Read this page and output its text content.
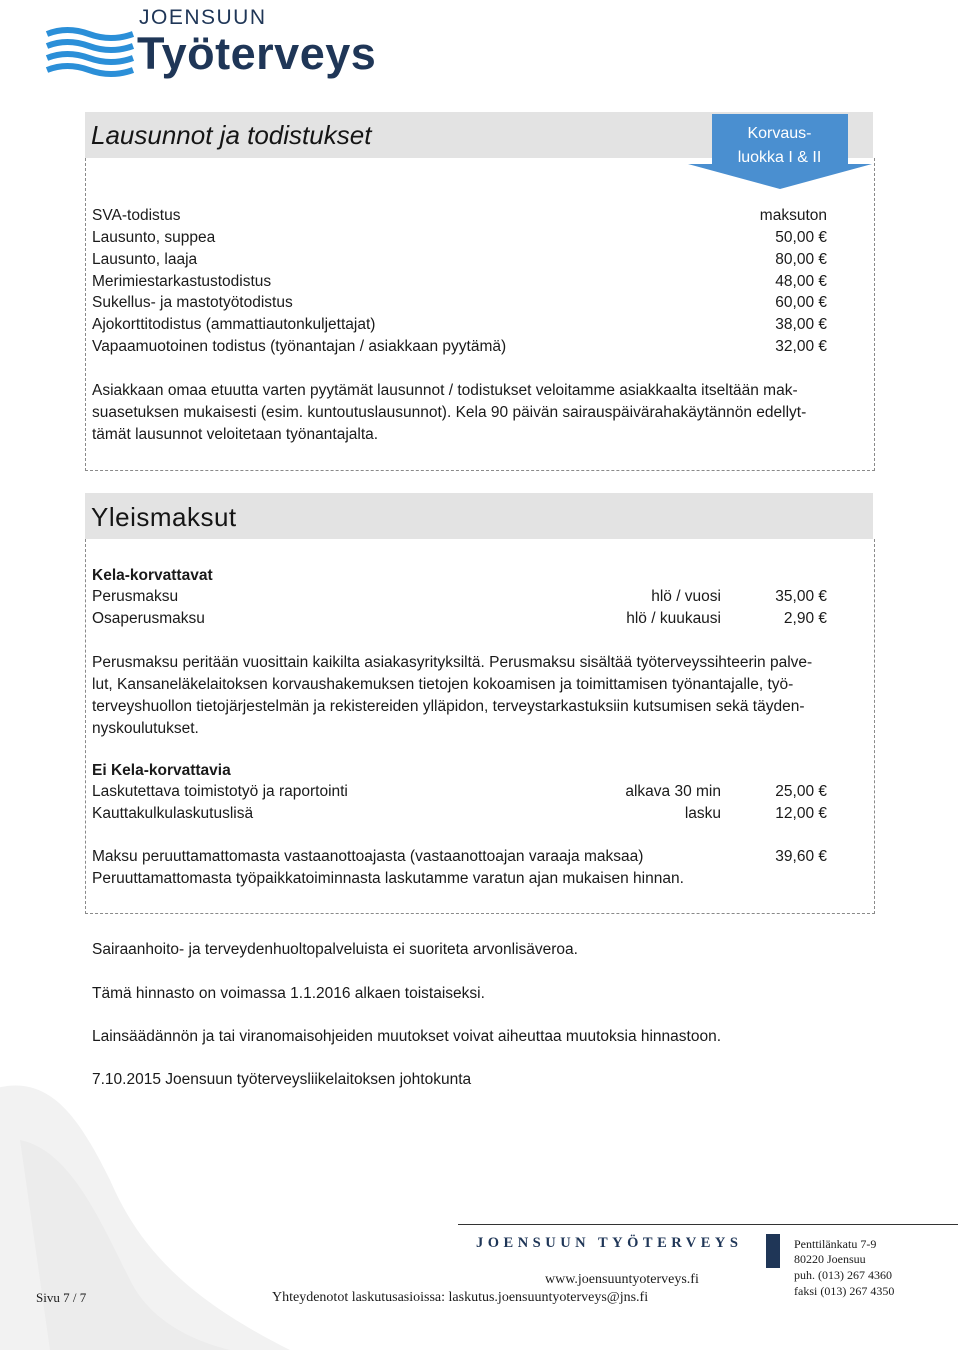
JOENSUUN
Työterveys
Lausunnot ja todistukset	Korvaus-
luokka I & II
SVA-todistus	maksuton
Lausunto, suppea	50,00 €
Lausunto, laaja	80,00 €
Merimiestarkastustodistus	48,00 €
Sukellus- ja mastotyötodistus	60,00 €
Ajokorttitodistus (ammattiautonkuljettajat)	38,00 €
Vapaamuotoinen todistus (työnantajan / asiakkaan pyytämä)	32,00 €
Asiakkaan omaa etuutta varten pyytämät lausunnot / todistukset veloitamme asiakkaalta itseltään mak-
suasetuksen mukaisesti (esim. kuntoutuslausunnot). Kela 90 päivän sairauspäivärahakäytännön edellyt-
tämät lausunnot veloitetaan työnantajalta.
Yleismaksut
Kela-korvattavat
Perusmaksu	hlö / vuosi	35,00 €
Osaperusmaksu	hlö / kuukausi	2,90 €
Perusmaksu peritään vuosittain kaikilta asiakasyrityksiltä. Perusmaksu sisältää työterveyssihteerin palve-
lut, Kansaneläkelaitoksen korvaushakemuksen tietojen kokoamisen ja toimittamisen työnantajalle, työ-
terveyshuollon tietojärjestelmän ja rekistereiden ylläpidon, terveystarkastuksiin kutsumisen sekä täyden-
nyskoulutukset.
Ei Kela-korvattavia
Laskutettava toimistotyö ja raportointi	alkava 30 min	25,00 €
Kauttakulkulaskutuslisä	lasku	12,00 €
Maksu peruuttamattomasta vastaanottoajasta (vastaanottoajan varaaja maksaa)	39,60 €
Peruuttamattomasta työpaikkatoiminnasta laskutamme varatun ajan mukaisen hinnan.
Sairaanhoito- ja terveydenhuoltopalveluista ei suoriteta arvonlisäveroa.
Tämä hinnasto on voimassa 1.1.2016 alkaen toistaiseksi.
Lainsäädännön ja tai viranomaisohjeiden muutokset voivat aiheuttaa muutoksia hinnastoon.
7.10.2015 Joensuun työterveysliikelaitoksen johtokunta
JOENSUUN TYÖTERVEYS
www.joensuuntyoterveys.fi
Yhteydenotot laskutusasioissa: laskutus.joensuuntyoterveys@jns.fi
Sivu 7 / 7
Penttilänkatu 7-9
80220 Joensuu
puh. (013) 267 4360
faksi (013) 267 4350
